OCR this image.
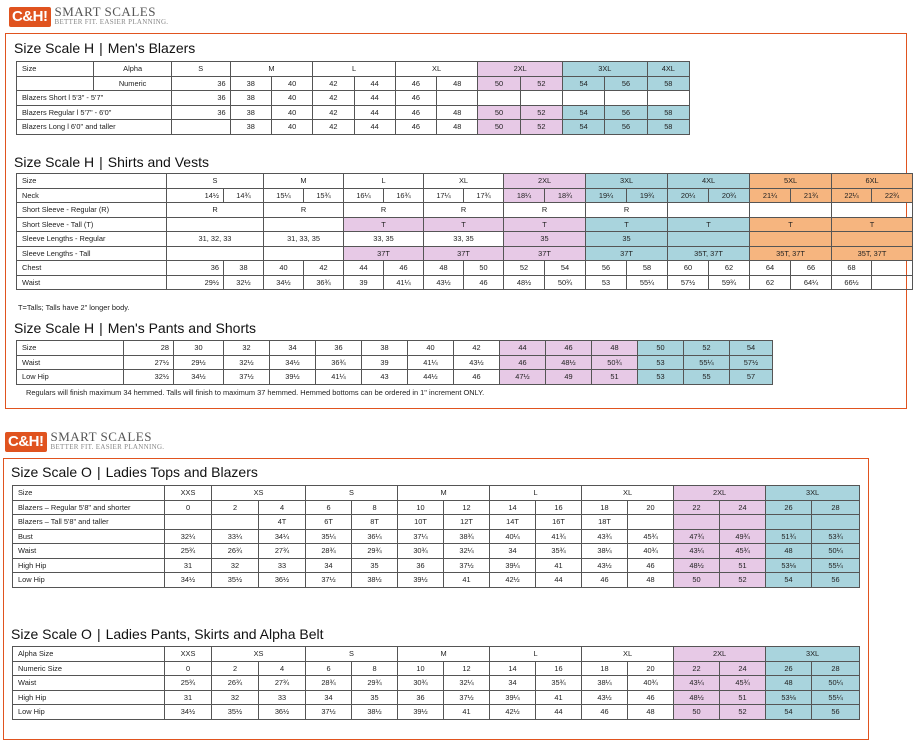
C&H! SMART SCALES
BETTER FIT. EASIER PLANNING.
Size Scale H | Men's Blazers
Size	Alpha	S	M		L		XL		2XL		3XL		4XL
	Numeric	36	38	40	42	44	46	48	50	52	54	56	58
Blazers Short l 5'3" - 5'7"		36	38	40	42	44	46						
Blazers Regular l 5'7" - 6'0"		36	38	40	42	44	46	48	50	52	54	56	58
Blazers Long l 6'0" and taller			38	40	42	44	46	48	50	52	54	56	58
Size Scale H | Shirts and Vests
Size	S		M		L		XL		2XL		3XL		4XL		5XL		6XL	
Neck	14½	14¾	15¼	15¾	16¼	16¾	17¼	17¾	18¼	18¾	19¼	19¾	20¼	20¾	21¼	21¾	22¼	22¾
Short Sleeve - Regular (R)	R		R		R		R		R		R							
Short Sleeve - Tall (T)					T		T		T		T		T		T		T	
Sleeve Lengths - Regular	31, 32, 33		31, 33, 35		33, 35		33, 35		35		35							
Sleeve Lengths - Tall					37T		37T		37T		37T		35T, 37T		35T, 37T		35T, 37T	
Chest	36	38	40	42	44	46	48	50	52	54	56	58	60	62	64	66	68	
Waist	29½	32½	34½	36¾	39	41¼	43½	46	48½	50¾	53	55¼	57½	59¾	62	64¼	66½	
T=Talls; Talls have 2" longer body.
Size Scale H | Men's Pants and Shorts
Size	28	30	32	34	36	38	40	42	44	46	48	50	52	54	
Waist	27½	29½	32½	34½	36¾	39	41¼	43½	46	48½	50¾	53	55¼	57½	
Low Hip	32½	34½	37½	39½	41¼	43	44½	46	47½	49	51	53	55	57	
Regulars will finish maximum 34 hemmed. Talls will finish to maximum 37 hemmed. Hemmed bottoms can be ordered in 1" increment ONLY.
C&H! SMART SCALES
BETTER FIT. EASIER PLANNING.
Size Scale O | Ladies Tops and Blazers
Size	XXS	XS		S		M		L		XL		2XL		3XL	
Blazers – Regular 5'8" and shorter	0	2	4	6	8	10	12	14	16	18	20	22	24	26	28
Blazers – Tall 5'8" and taller			4T	6T	8T	10T	12T	14T	16T	18T					
Bust	32¼	33¼	34¼	35¼	36¼	37¼	38¾	40¼	41¾	43¾	45¾	47¾	49¾	51¾	53¾
Waist	25¾	26¾	27¾	28¾	29¾	30¾	32¼	34	35¾	38¼	40¾	43¼	45¾	48	50¼
High Hip	31	32	33	34	35	36	37½	39¼	41	43½	46	48½	51	53⅛	55¼
Low Hip	34½	35½	36½	37½	38½	39½	41	42½	44	46	48	50	52	54	56
Size Scale O | Ladies Pants, Skirts and Alpha Belt
Alpha Size	XXS	XS		S		M		L		XL		2XL		3XL	
Numeric Size	0	2	4	6	8	10	12	14	16	18	20	22	24	26	28
Waist	25¾	26¾	27¾	28¾	29¾	30¾	32¼	34	35¾	38¼	40¾	43¼	45¾	48	50¼
High Hip	31	32	33	34	35	36	37½	39¼	41	43½	46	48½	51	53⅛	55¼
Low Hip	34½	35½	36½	37½	38½	39½	41	42½	44	46	48	50	52	54	56
